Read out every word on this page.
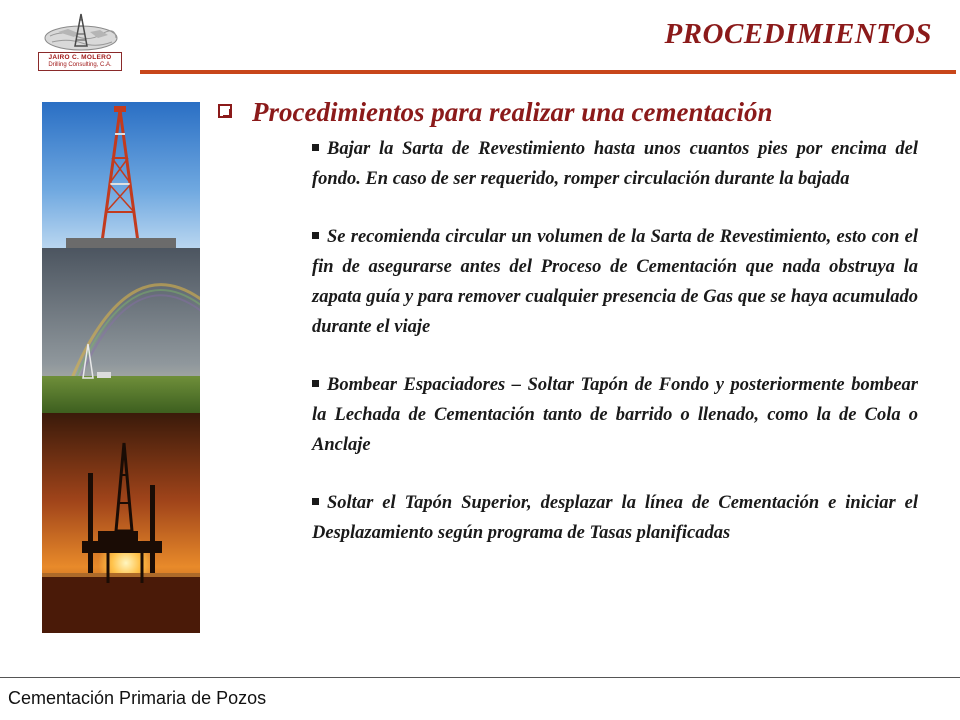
JAIRO C. MOLERO
Drilling Consulting, C.A.
PROCEDIMIENTOS
Procedimientos para realizar una cementación
Bajar la Sarta de Revestimiento hasta unos cuantos pies por encima del fondo. En caso de ser requerido, romper circulación durante la bajada
Se recomienda circular un volumen de la Sarta de Revestimiento, esto con el fin de asegurarse antes del Proceso de Cementación que nada obstruya la zapata guía y para remover cualquier presencia de Gas que se haya acumulado durante el viaje
Bombear Espaciadores – Soltar Tapón de Fondo y posteriormente bombear la Lechada de Cementación tanto de barrido o llenado, como la de Cola o Anclaje
Soltar el Tapón Superior, desplazar la línea de Cementación e iniciar el Desplazamiento según programa de Tasas planificadas
Cementación Primaria de Pozos
